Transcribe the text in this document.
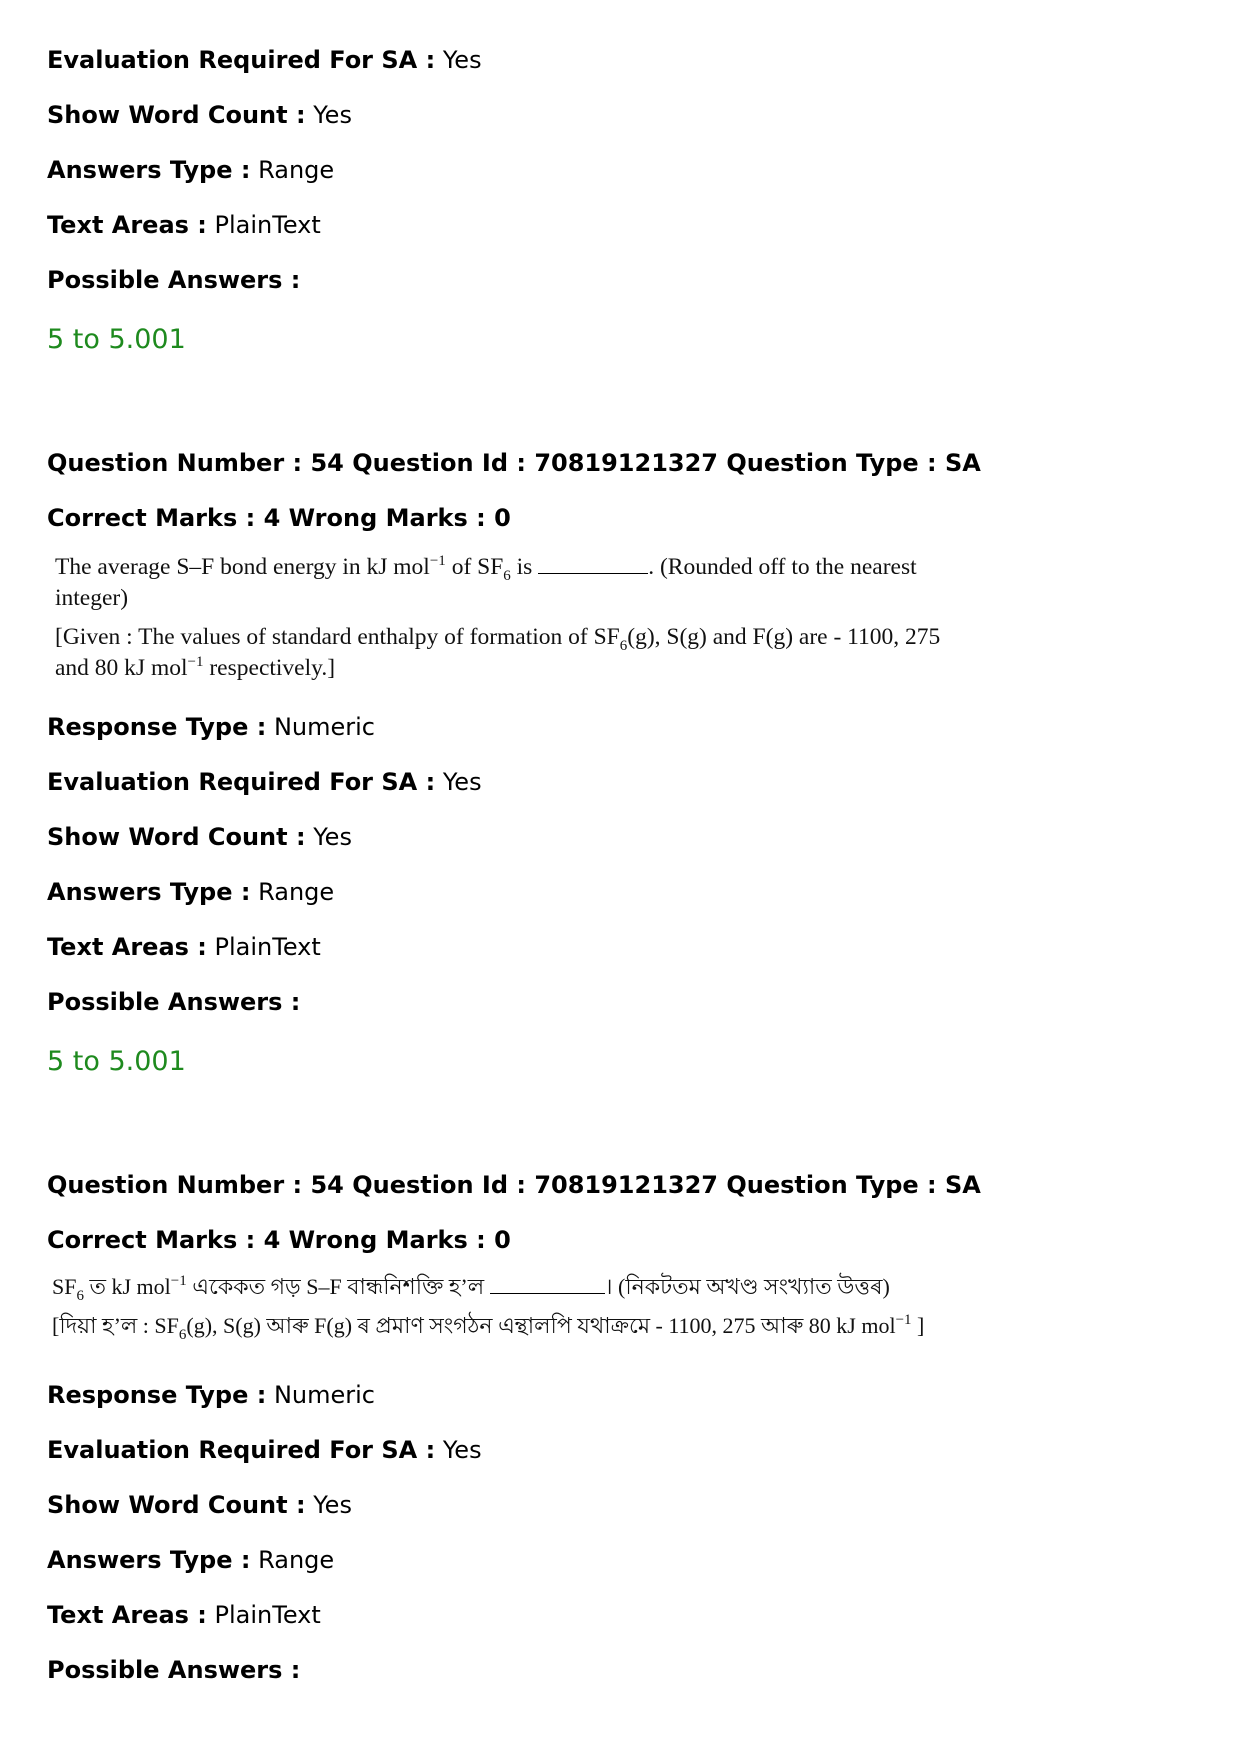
Evaluation Required For SA : Yes
Show Word Count : Yes
Answers Type : Range
Text Areas : PlainText
Possible Answers :
5 to 5.001
Question Number : 54 Question Id : 70819121327 Question Type : SA
Correct Marks : 4 Wrong Marks : 0
The average S–F bond energy in kJ mol$^{-1}$ of $SF_6$ is	. (Rounded off to the nearest
integer)
[Given : The values of standard enthalpy of formation of $SF_6(g)$, S(g) and F(g) are - 1100, 275
and 80 kJ mol$^{-1}$ respectively.]
Response Type : Numeric
Evaluation Required For SA : Yes
Show Word Count : Yes
Answers Type : Range
Text Areas : PlainText
Possible Answers :
5 to 5.001
Question Number : 54 Question Id : 70819121327 Question Type : SA
Correct Marks : 4 Wrong Marks : 0
$SF_6$ ত kJ mol$^{-1}$ একেকত গড় S–F বান্ধনিশক্তি হ’ল	। (নিকটতম অখণ্ড সংখ্যাত উত্তৰ)
[দিয়া হ’ল : $SF_6(g)$, S(g) আৰু F(g) ৰ প্ৰমাণ সংগঠন এন্থালপি যথাক্ৰমে - 1100, 275 আৰু 80 kJ mol$^{-1}$ ]
Response Type : Numeric
Evaluation Required For SA : Yes
Show Word Count : Yes
Answers Type : Range
Text Areas : PlainText
Possible Answers :
